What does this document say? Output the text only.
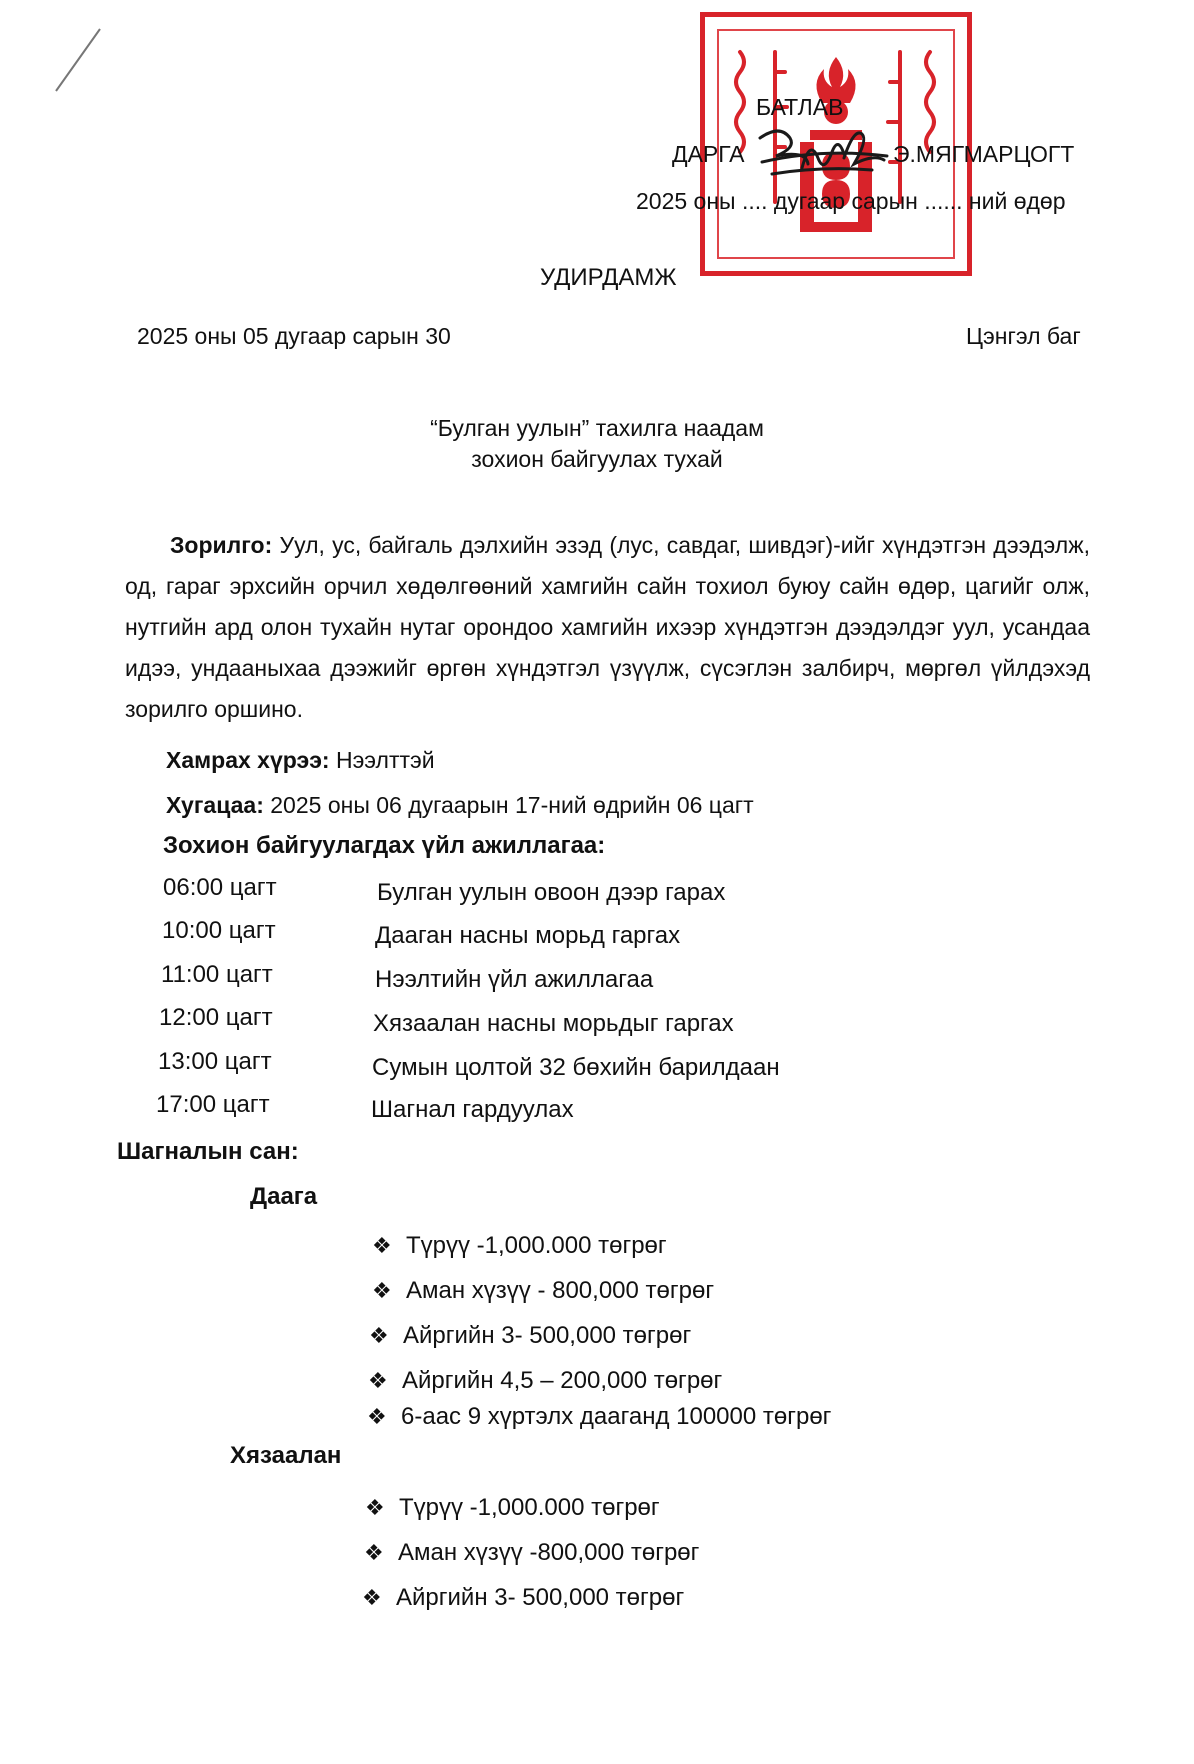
БАТЛАВ
ДАРГА	Э.МЯГМАРЦОГТ
2025 оны .... дугаар сарын ...... ний өдөр
УДИРДАМЖ
2025 оны 05 дугаар сарын 30	Цэнгэл баг
“Булган уулын” тахилга наадам
зохион байгуулах тухай
Зорилго: Уул, ус, байгаль дэлхийн эзэд (лус, савдаг, шивдэг)-ийг хүндэтгэн дээдэлж, од, гараг эрхсийн орчил хөдөлгөөний хамгийн сайн тохиол буюу сайн өдөр, цагийг олж, нутгийн ард олон тухайн нутаг орондоо хамгийн ихээр хүндэтгэн дээдэлдэг уул, усандаа идээ, ундааныхаа дээжийг өргөн хүндэтгэл үзүүлж, сүсэглэн залбирч, мөргөл үйлдэхэд зорилго оршино.
Хамрах хүрээ: Нээлттэй
Хугацаа: 2025 оны 06 дугаарын 17-ний өдрийн 06 цагт
Зохион байгуулагдах үйл ажиллагаа:
06:00 цагт	Булган уулын овоон дээр гарах
10:00 цагт	Дааган насны морьд гаргах
11:00 цагт	Нээлтийн үйл ажиллагаа
12:00 цагт	Хязаалан насны морьдыг гаргах
13:00 цагт	Сумын цолтой 32 бөхийн барилдаан
17:00 цагт	Шагнал гардуулах
Шагналын сан:
Даага
❖ Түрүү -1,000.000 төгрөг
❖ Аман хүзүү - 800,000 төгрөг
❖ Айргийн 3- 500,000 төгрөг
❖ Айргийн 4,5 – 200,000 төгрөг
❖ 6-аас 9 хүртэлх даaганд 100000 төгрөг
Хязаалан
❖ Түрүү -1,000.000 төгрөг
❖ Аман хүзүү -800,000 төгрөг
❖ Айргийн 3- 500,000 төгрөг
